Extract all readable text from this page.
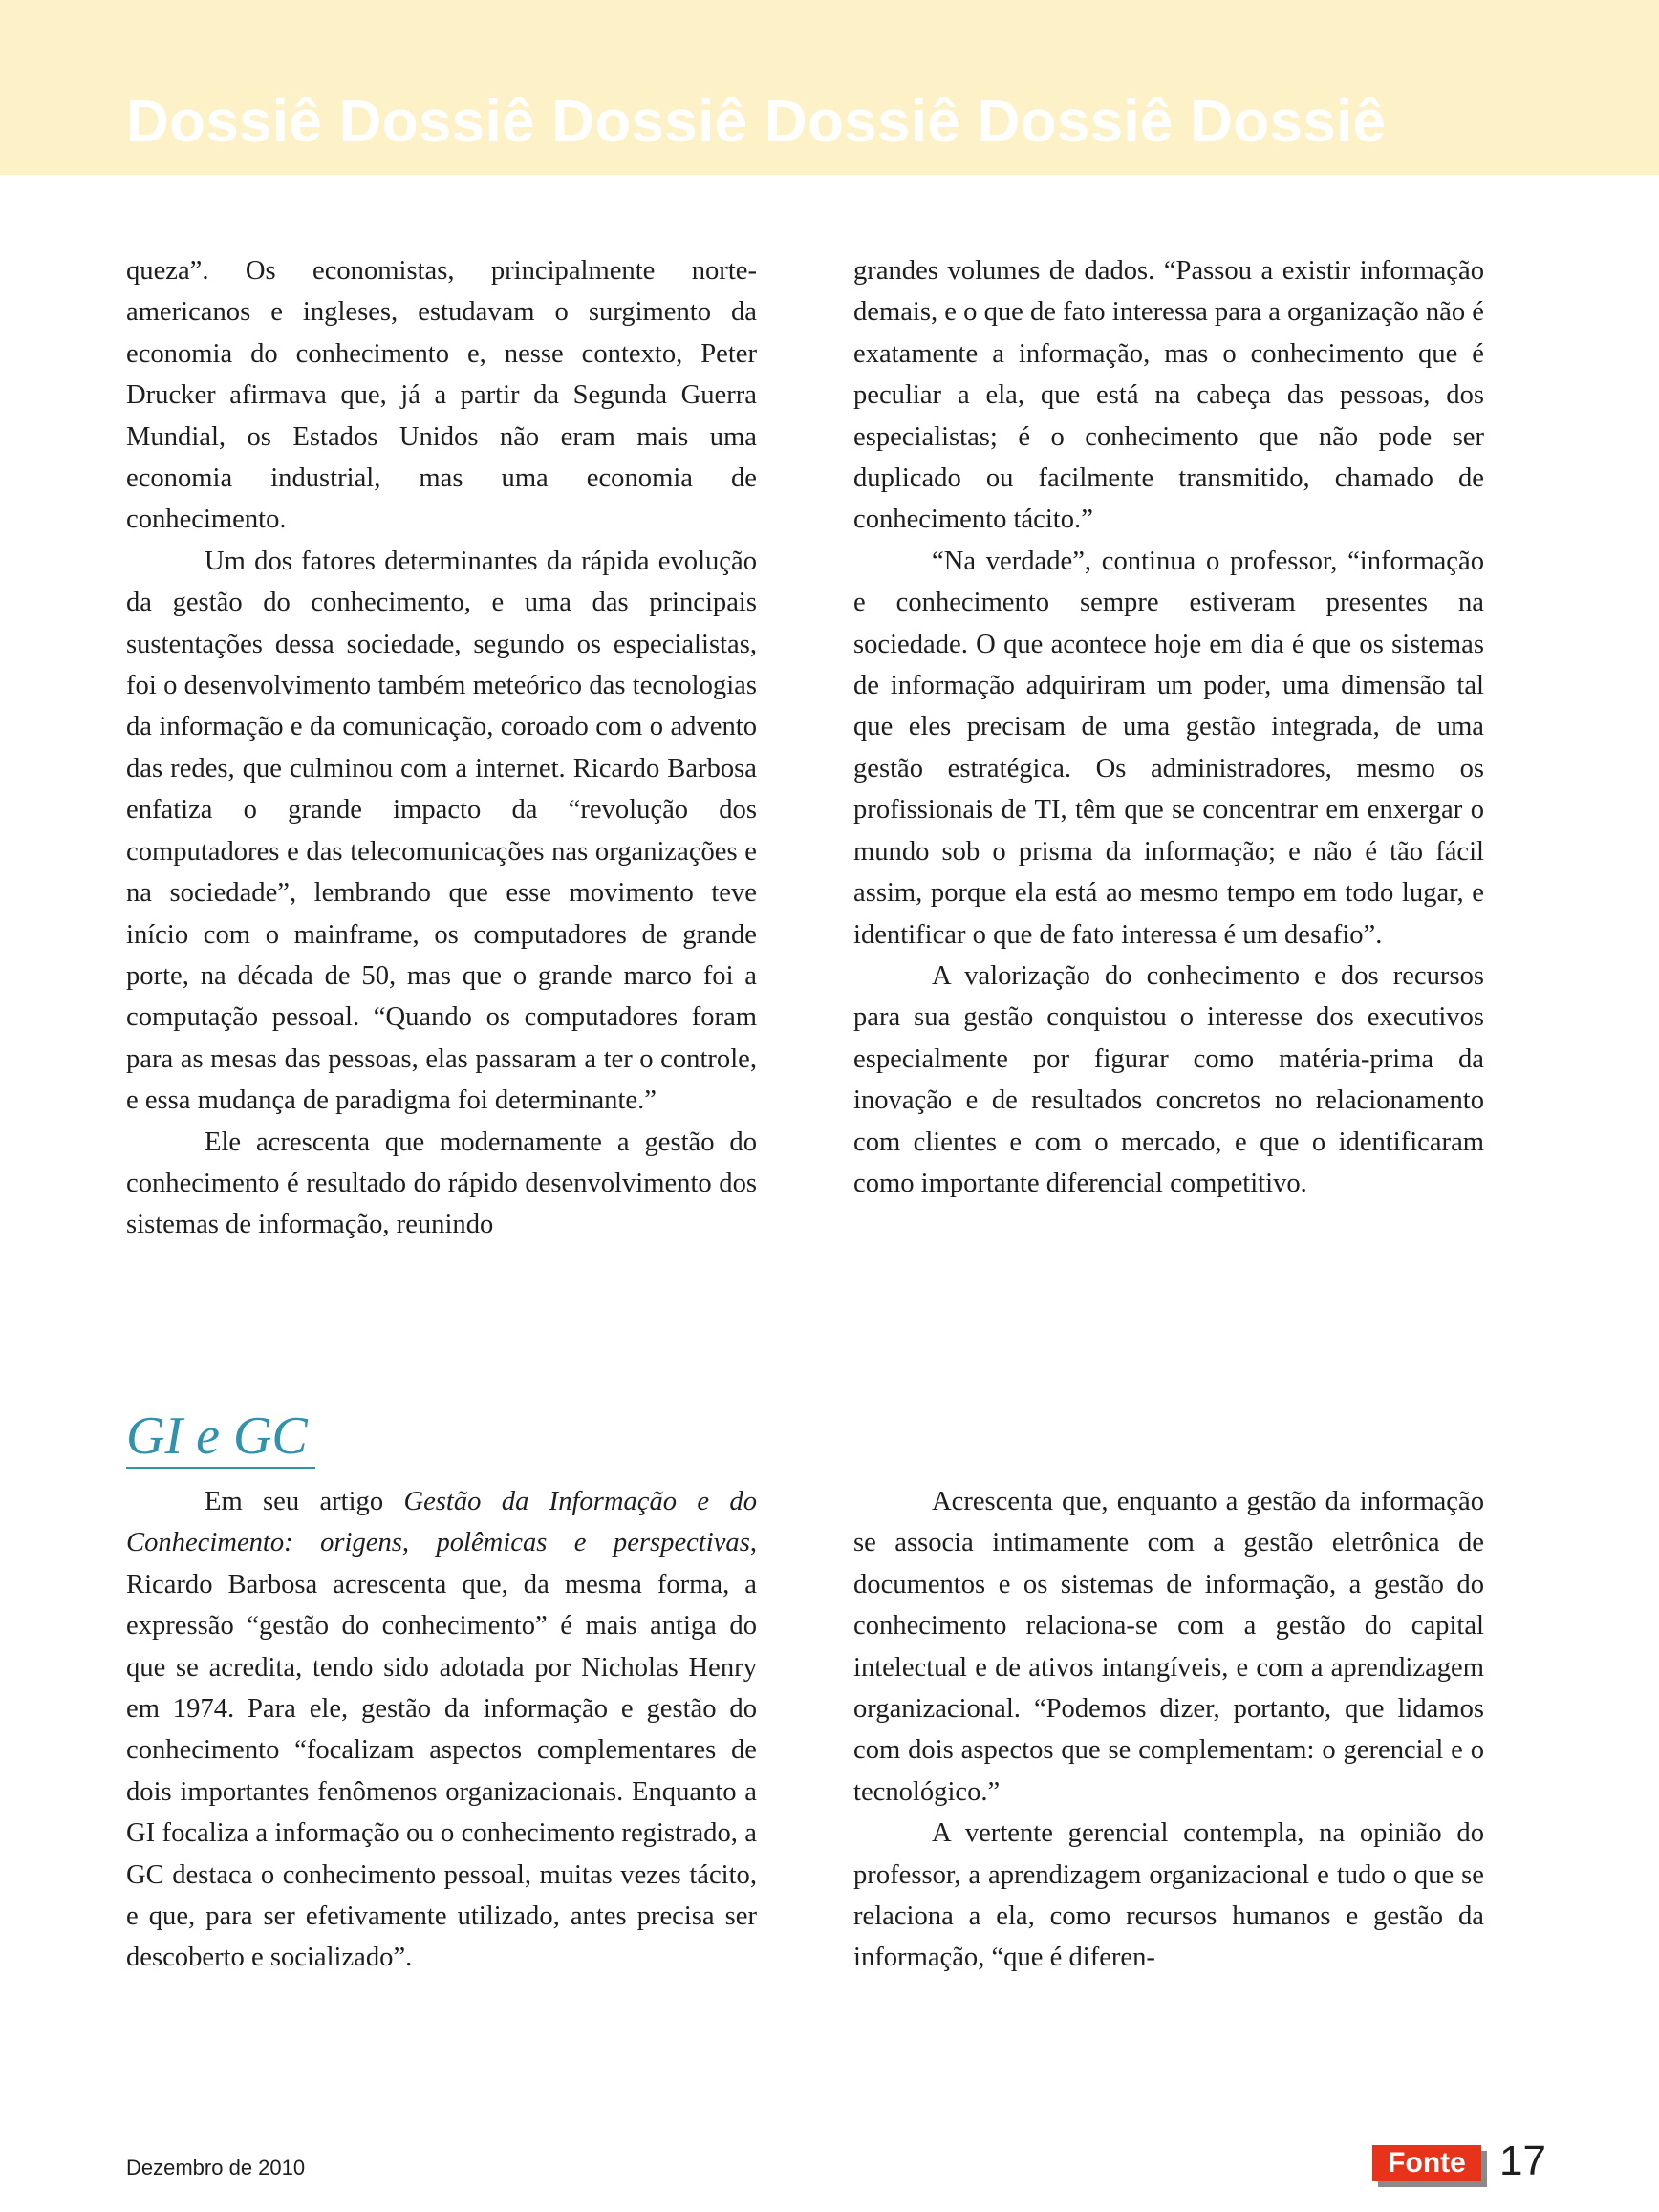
Dossiê Dossiê Dossiê Dossiê Dossiê Dossiê

queza”. Os economistas, principalmente norte-americanos e ingleses, estudavam o surgimento da economia do conhecimento e, nesse contexto, Peter Drucker afirmava que, já a partir da Segunda Guerra Mundial, os Estados Unidos não eram mais uma economia industrial, mas uma economia de conhecimento.

Um dos fatores determinantes da rápida evolução da gestão do conhecimento, e uma das principais sustentações dessa sociedade, segundo os especialistas, foi o desenvolvimento também meteórico das tecnologias da informação e da comunicação, coroado com o advento das redes, que culminou com a internet. Ricardo Barbosa enfatiza o grande impacto da “revolução dos computadores e das telecomunicações nas organizações e na sociedade”, lembrando que esse movimento teve início com o mainframe, os computadores de grande porte, na década de 50, mas que o grande marco foi a computação pessoal. “Quando os computadores foram para as mesas das pessoas, elas passaram a ter o controle, e essa mudança de paradigma foi determinante.”

Ele acrescenta que modernamente a gestão do conhecimento é resultado do rápido desenvolvimento dos sistemas de informação, reunindo

grandes volumes de dados. “Passou a existir informação demais, e o que de fato interessa para a organização não é exatamente a informação, mas o conhecimento que é peculiar a ela, que está na cabeça das pessoas, dos especialistas; é o conhecimento que não pode ser duplicado ou facilmente transmitido, chamado de conhecimento tácito.”

“Na verdade”, continua o professor, “informação e conhecimento sempre estiveram presentes na sociedade. O que acontece hoje em dia é que os sistemas de informação adquiriram um poder, uma dimensão tal que eles precisam de uma gestão integrada, de uma gestão estratégica. Os administradores, mesmo os profissionais de TI, têm que se concentrar em enxergar o mundo sob o prisma da informação; e não é tão fácil assim, porque ela está ao mesmo tempo em todo lugar, e identificar o que de fato interessa é um desafio”.

A valorização do conhecimento e dos recursos para sua gestão conquistou o interesse dos executivos especialmente por figurar como matéria-prima da inovação e de resultados concretos no relacionamento com clientes e com o mercado, e que o identificaram como importante diferencial competitivo.

GI e GC

Em seu artigo Gestão da Informação e do Conhecimento: origens, polêmicas e perspectivas, Ricardo Barbosa acrescenta que, da mesma forma, a expressão “gestão do conhecimento” é mais antiga do que se acredita, tendo sido adotada por Nicholas Henry em 1974. Para ele, gestão da informação e gestão do conhecimento “focalizam aspectos complementares de dois importantes fenômenos organizacionais. Enquanto a GI focaliza a informação ou o conhecimento registrado, a GC destaca o conhecimento pessoal, muitas vezes tácito, e que, para ser efetivamente utilizado, antes precisa ser descoberto e socializado”.

Acrescenta que, enquanto a gestão da informação se associa intimamente com a gestão eletrônica de documentos e os sistemas de informação, a gestão do conhecimento relaciona-se com a gestão do capital intelectual e de ativos intangíveis, e com a aprendizagem organizacional. “Podemos dizer, portanto, que lidamos com dois aspectos que se complementam: o gerencial e o tecnológico.”

A vertente gerencial contempla, na opinião do professor, a aprendizagem organizacional e tudo o que se relaciona a ela, como recursos humanos e gestão da informação, “que é diferen-

Dezembro de 2010	Fonte 17
